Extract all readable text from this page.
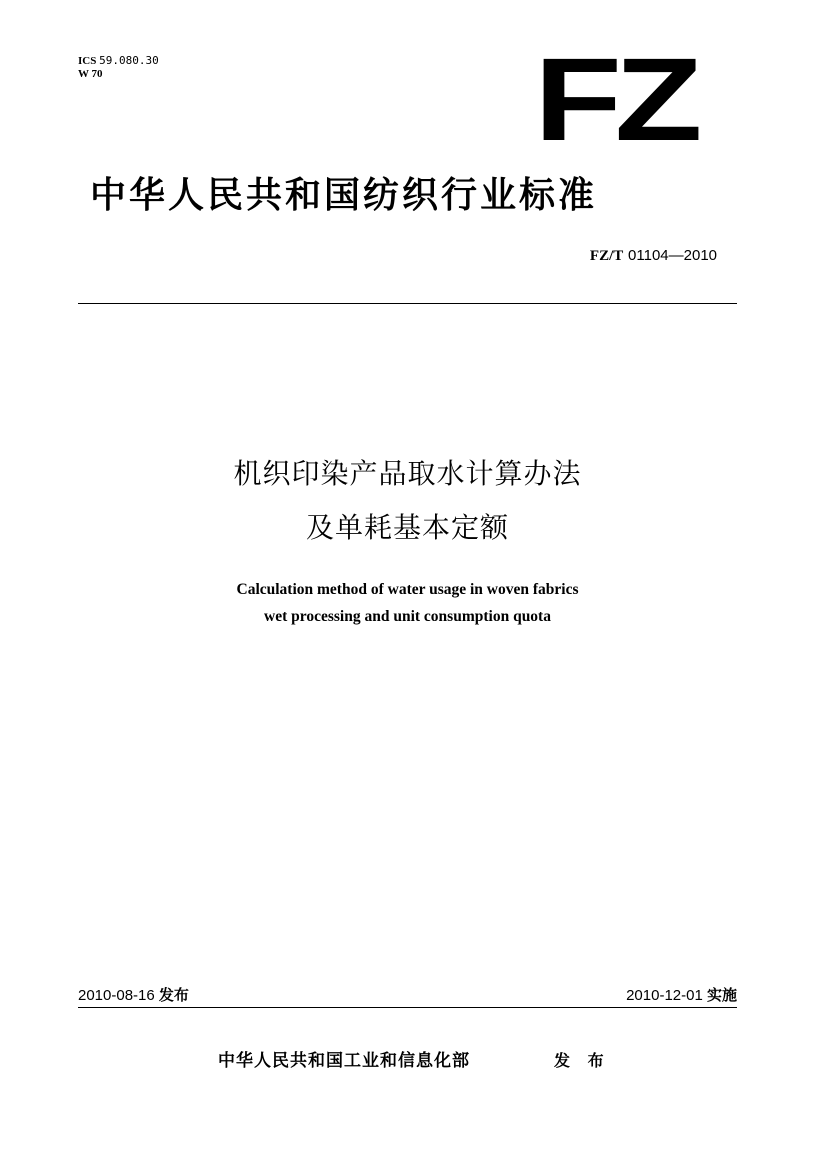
ICS 59.080.30
W 70	FZ
中华人民共和国纺织行业标准
FZ/T 01104—2010
机织印染产品取水计算办法
及单耗基本定额
Calculation method of water usage in woven fabrics
wet processing and unit consumption quota
2010-08-16 发布	2010-12-01 实施
中华人民共和国工业和信息化部	发 布
